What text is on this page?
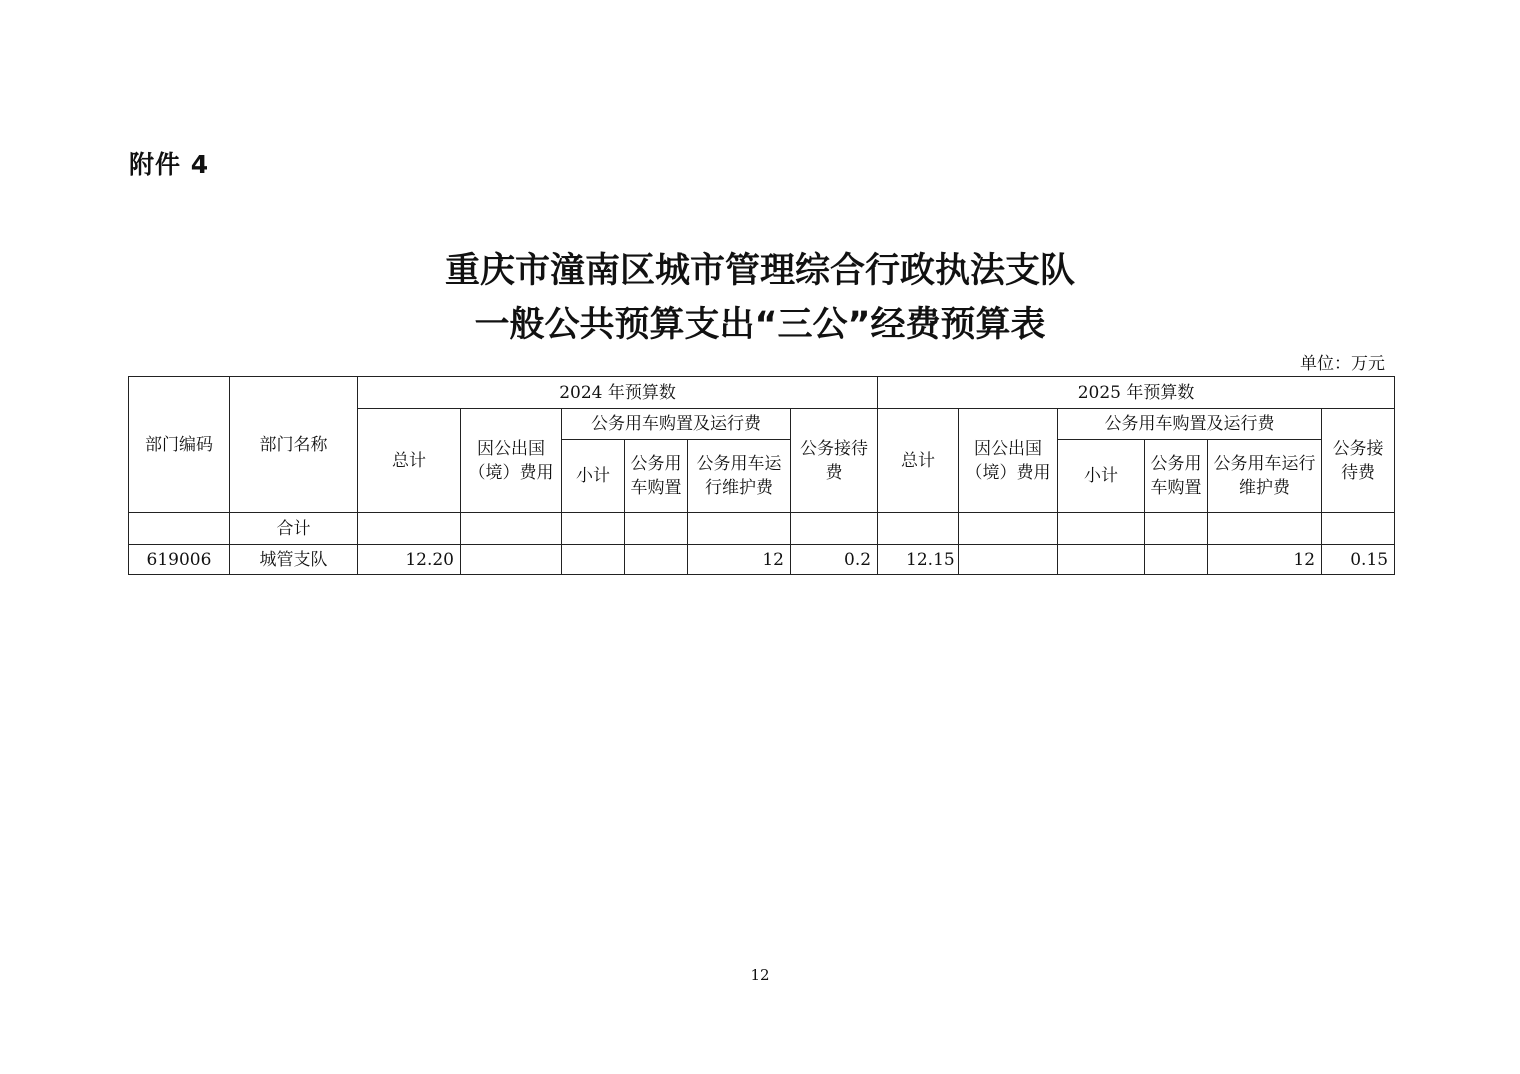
附件 4
重庆市潼南区城市管理综合行政执法支队
一般公共预算支出“三公”经费预算表
单位：万元
部门编码	部门名称	2024 年预算数						2025 年预算数					
		总计	因公出国（境）费用	公务用车购置及运行费			公务接待费	总计	因公出国（境）费用	公务用车购置及运行费			公务接待费
				小计	公务用车购置	公务用车运行维护费				小计	公务用车购置	公务用车运行维护费	
	合计												
619006	城管支队	12.20				12	0.2	12.15				12	0.15
12
